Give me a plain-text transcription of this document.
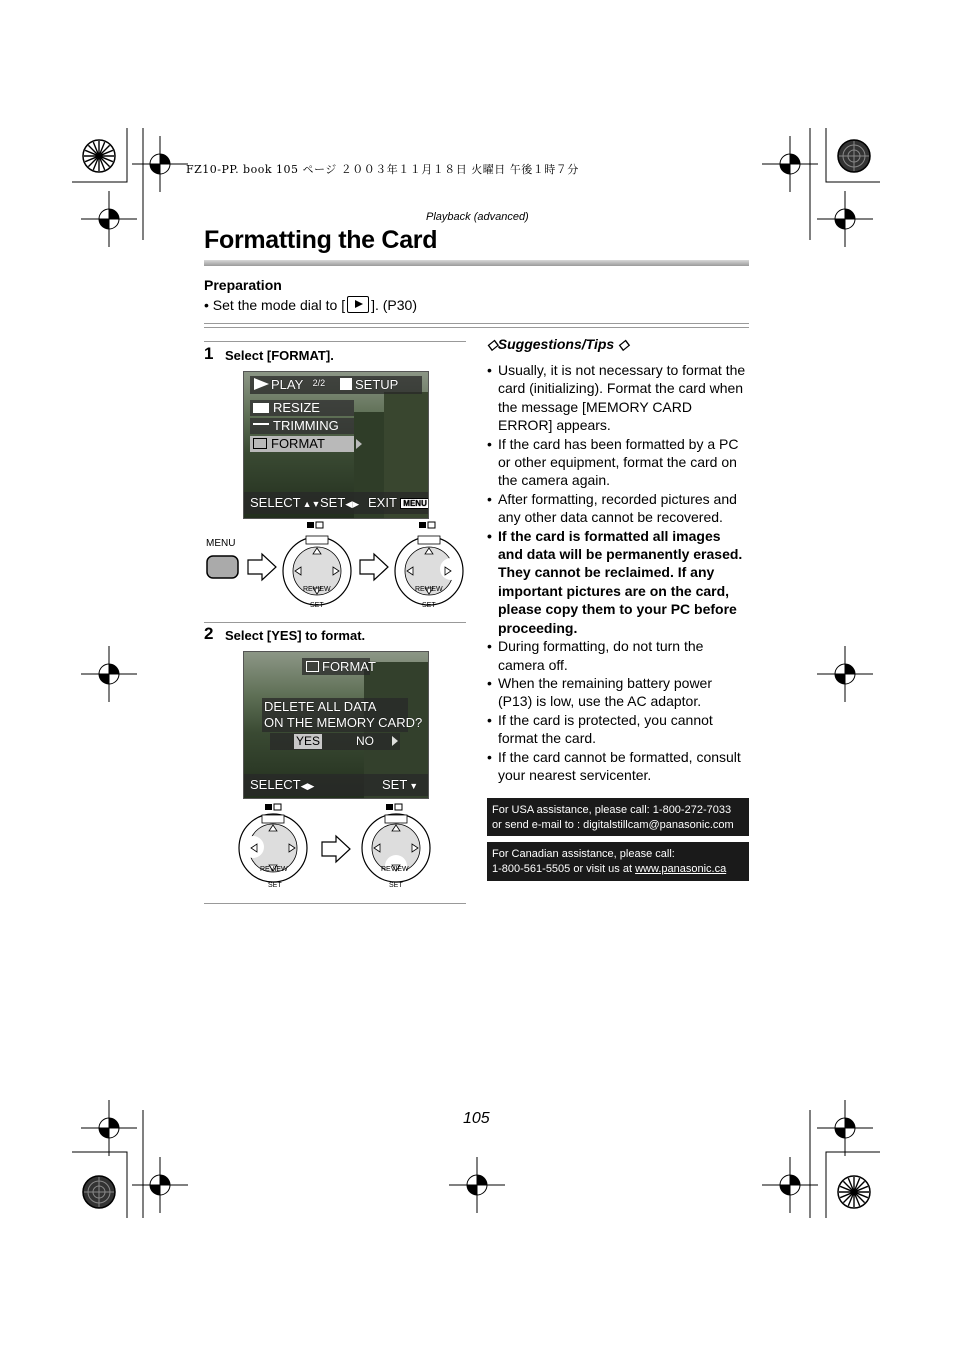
FZ10-PP. book 105 ページ ２００３年１１月１８日 火曜日 午後１時７分
Playback (advanced)
Formatting the Card
Preparation
• Set the mode dial to [ ]. (P30)
1 Select [FORMAT].
PLAY $^{2/2}$	SETUP
RESIZE
TRIMMING
FORMAT
SELECT ▲▼ SET◀▶ EXIT MENU
MENU
REVIEW
SET
REVIEW
SET
2 Select [YES] to format.
FORMAT
DELETE ALL DATA
ON THE MEMORY CARD?
YES	NO
SELECT◀▶	SET ▼
REVIEW
SET
REVIEW
SET
◇Suggestions/Tips ◇
• Usually, it is not necessary to format the card (initializing). Format the card when the message [MEMORY CARD ERROR] appears.
• If the card has been formatted by a PC or other equipment, format the card on the camera again.
• After formatting, recorded pictures and any other data cannot be recovered.
• If the card is formatted all images and data will be permanently erased. They cannot be reclaimed. If any important pictures are on the card, please copy them to your PC before proceeding.
• During formatting, do not turn the camera off.
• When the remaining battery power (P13) is low, use the AC adaptor.
• If the card is protected, you cannot format the card.
• If the card cannot be formatted, consult your nearest servicenter.
For USA assistance, please call: 1-800-272-7033
or send e-mail to : digitalstillcam@panasonic.com
For Canadian assistance, please call:
1-800-561-5505 or visit us at www.panasonic.ca
105
